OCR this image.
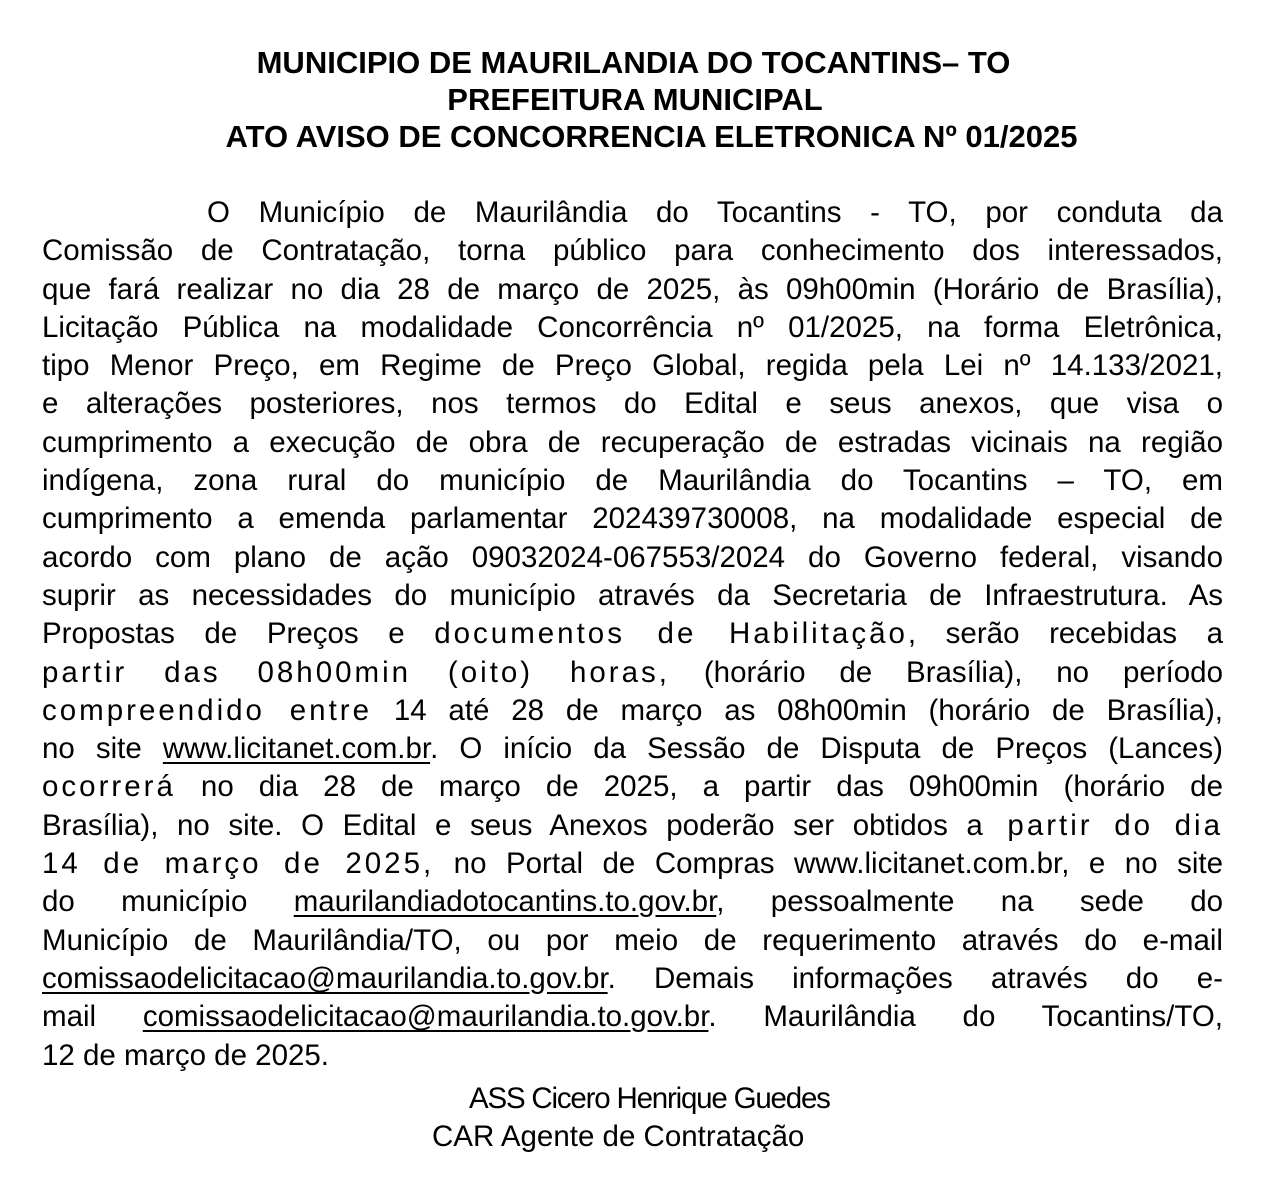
MUNICIPIO DE MAURILANDIA DO TOCANTINS– TO
PREFEITURA MUNICIPAL
ATO AVISO DE CONCORRENCIA ELETRONICA Nº 01/2025
O Município de Maurilândia do Tocantins - TO, por conduta da
Comissão de Contratação, torna público para conhecimento dos interessados,
que fará realizar no dia 28 de março de 2025, às 09h00min (Horário de Brasília),
Licitação Pública na modalidade Concorrência nº 01/2025, na forma Eletrônica,
tipo Menor Preço, em Regime de Preço Global, regida pela Lei nº 14.133/2021,
e alterações posteriores, nos termos do Edital e seus anexos, que visa o
cumprimento a execução de obra de recuperação de estradas vicinais na região
indígena, zona rural do município de Maurilândia do Tocantins – TO, em
cumprimento a emenda parlamentar 202439730008, na modalidade especial de
acordo com plano de ação 09032024-067553/2024 do Governo federal, visando
suprir as necessidades do município através da Secretaria de Infraestrutura. As
Propostas de Preços e documentos de Habilitação, serão recebidas a
partir das 08h00min (oito) horas, (horário de Brasília), no período
compreendido entre 14 até 28 de março as 08h00min (horário de Brasília),
no site www.licitanet.com.br. O início da Sessão de Disputa de Preços (Lances)
ocorrerá no dia 28 de março de 2025, a partir das 09h00min (horário de
Brasília), no site. O Edital e seus Anexos poderão ser obtidos a partir do dia
14 de março de 2025, no Portal de Compras www.licitanet.com.br, e no site
do município maurilandiadotocantins.to.gov.br, pessoalmente na sede do
Município de Maurilândia/TO, ou por meio de requerimento através do e-mail
comissaodelicitacao@maurilandia.to.gov.br. Demais informações através do e-
mail comissaodelicitacao@maurilandia.to.gov.br. Maurilândia do Tocantins/TO,
12 de março de 2025.
ASS Cicero Henrique Guedes
CAR Agente de Contratação
